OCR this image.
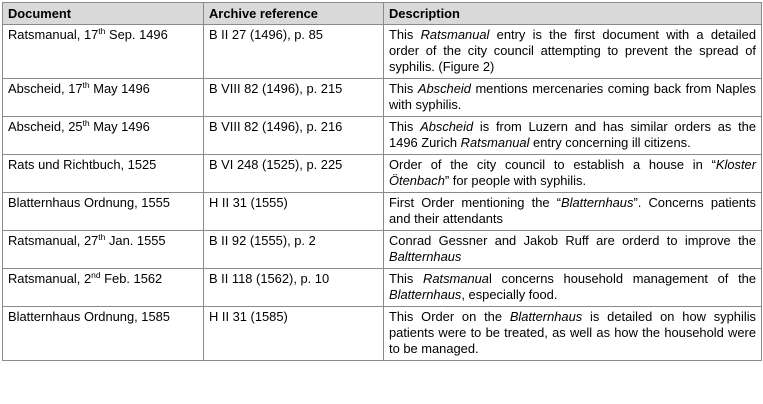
Document	Archive reference	Description
Ratsmanual, 17th Sep. 1496	B II 27 (1496), p. 85	This Ratsmanual entry is the first document with a detailed order of the city council attempting to prevent the spread of syphilis. (Figure 2)
Abscheid, 17th May 1496	B VIII 82 (1496), p. 215	This Abscheid mentions mercenaries coming back from Naples with syphilis.
Abscheid, 25th May 1496	B VIII 82 (1496), p. 216	This Abscheid is from Luzern and has similar orders as the 1496 Zurich Ratsmanual entry concerning ill citizens.
Rats und Richtbuch, 1525	B VI 248 (1525), p. 225	Order of the city council to establish a house in “Kloster Ötenbach” for people with syphilis.
Blatternhaus Ordnung, 1555	H II 31 (1555)	First Order mentioning the “Blatternhaus”. Concerns patients and their attendants
Ratsmanual, 27th Jan. 1555	B II 92 (1555), p. 2	Conrad Gessner and Jakob Ruff are orderd to improve the Baltternhaus
Ratsmanual, 2nd Feb. 1562	B II 118 (1562), p. 10	This Ratsmanual concerns household management of the Blatternhaus, especially food.
Blatternhaus Ordnung, 1585	H II 31 (1585)	This Order on the Blatternhaus is detailed on how syphilis patients were to be treated, as well as how the household were to be managed.
